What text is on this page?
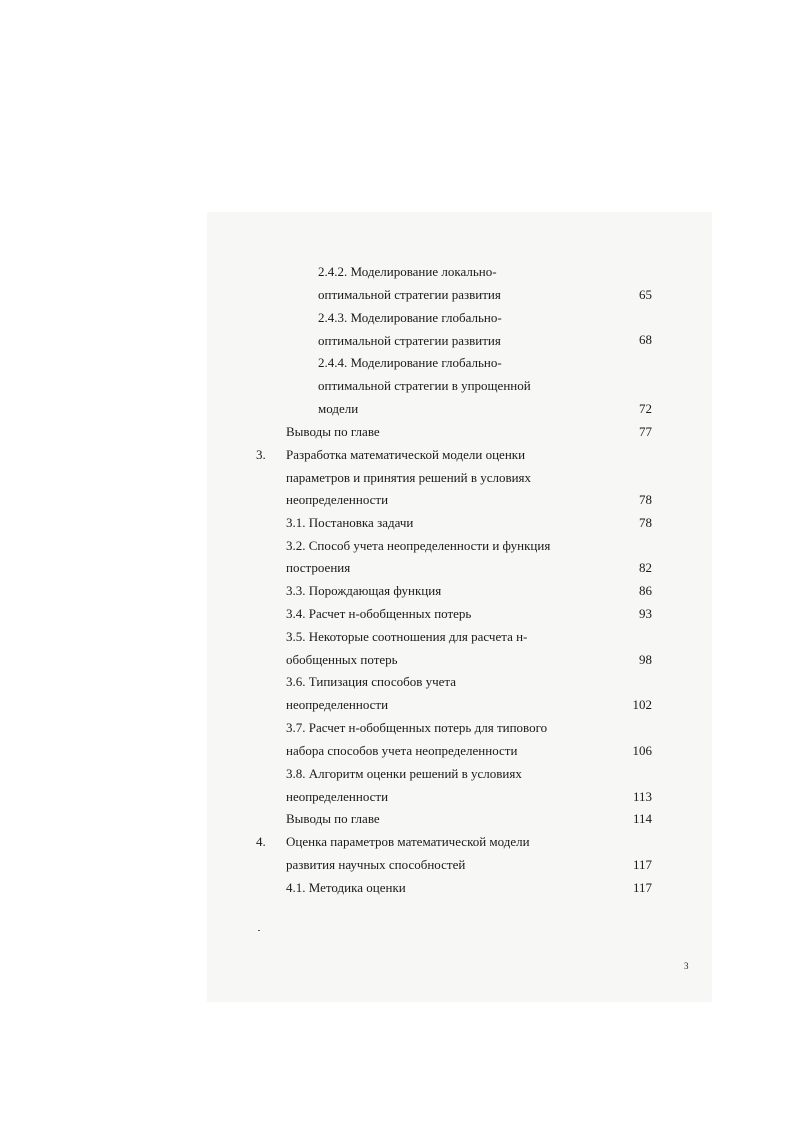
2.4.2. Моделирование локально-
оптимальной стратегии развития	65
2.4.3. Моделирование глобально-
оптимальной стратегии развития	68
2.4.4. Моделирование глобально-
оптимальной стратегии в упрощенной
модели	72
Выводы по главе	77
3. Разработка математической модели оценки
параметров и принятия решений в условиях
неопределенности	78
3.1. Постановка задачи	78
3.2. Способ учета неопределенности и функция
построения	82
3.3. Порождающая функция	86
3.4. Расчет н-обобщенных потерь	93
3.5. Некоторые соотношения для расчета н-
обобщенных потерь	98
3.6. Типизация способов учета
неопределенности	102
3.7. Расчет н-обобщенных потерь для типового
набора способов учета неопределенности	106
3.8. Алгоритм оценки решений в условиях
неопределенности	113
Выводы по главе	114
4. Оценка параметров математической модели
развития научных способностей	117
4.1. Методика оценки	117
3
